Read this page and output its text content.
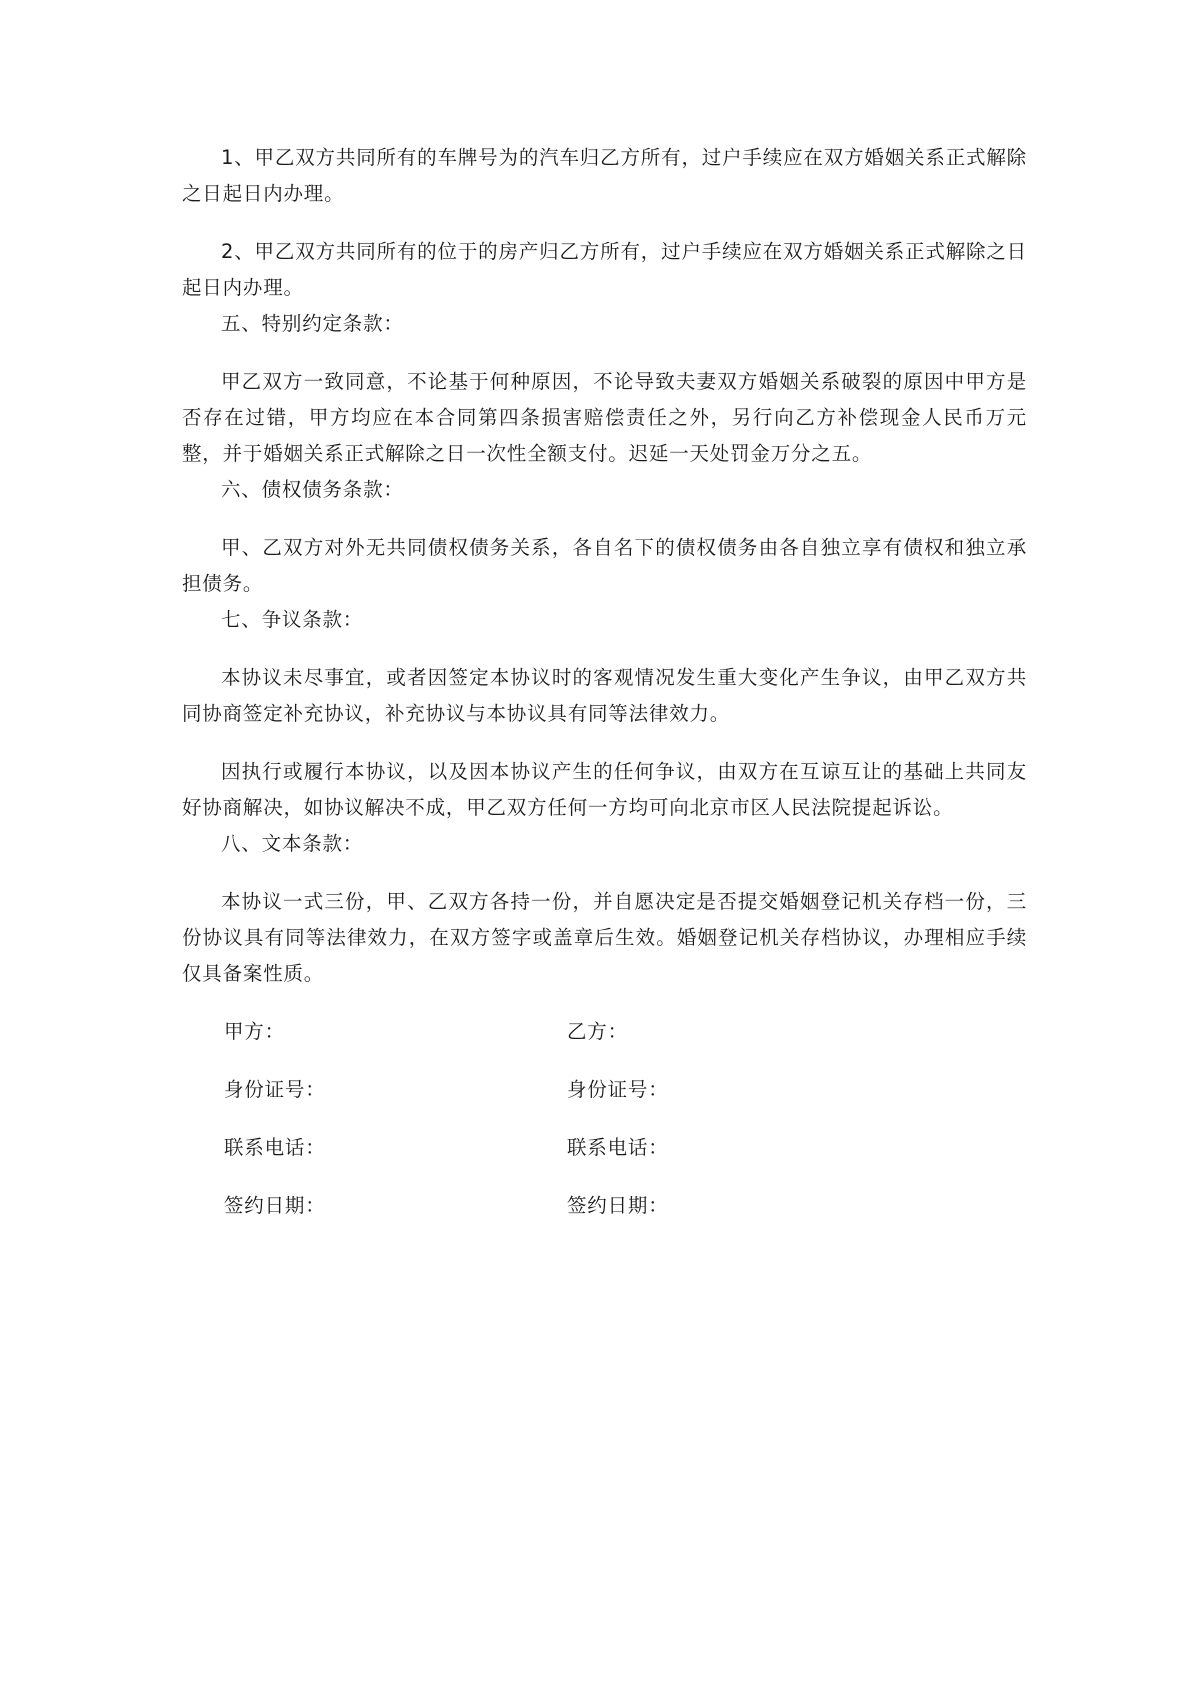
1、甲乙双方共同所有的车牌号为的汽车归乙方所有，过户手续应在双方婚姻关系正式解除之日起日内办理。

2、甲乙双方共同所有的位于的房产归乙方所有，过户手续应在双方婚姻关系正式解除之日起日内办理。

五、特别约定条款：

甲乙双方一致同意，不论基于何种原因，不论导致夫妻双方婚姻关系破裂的原因中甲方是否存在过错，甲方均应在本合同第四条损害赔偿责任之外，另行向乙方补偿现金人民币万元整，并于婚姻关系正式解除之日一次性全额支付。迟延一天处罚金万分之五。

六、债权债务条款：

甲、乙双方对外无共同债权债务关系，各自名下的债权债务由各自独立享有债权和独立承担债务。

七、争议条款：

本协议未尽事宜，或者因签定本协议时的客观情况发生重大变化产生争议，由甲乙双方共同协商签定补充协议，补充协议与本协议具有同等法律效力。

因执行或履行本协议，以及因本协议产生的任何争议，由双方在互谅互让的基础上共同友好协商解决，如协议解决不成，甲乙双方任何一方均可向北京市区人民法院提起诉讼。

八、文本条款：

本协议一式三份，甲、乙双方各持一份，并自愿决定是否提交婚姻登记机关存档一份，三份协议具有同等法律效力，在双方签字或盖章后生效。婚姻登记机关存档协议，办理相应手续仅具备案性质。

甲方：	乙方：
身份证号：	身份证号：
联系电话：	联系电话：
签约日期：	签约日期：
